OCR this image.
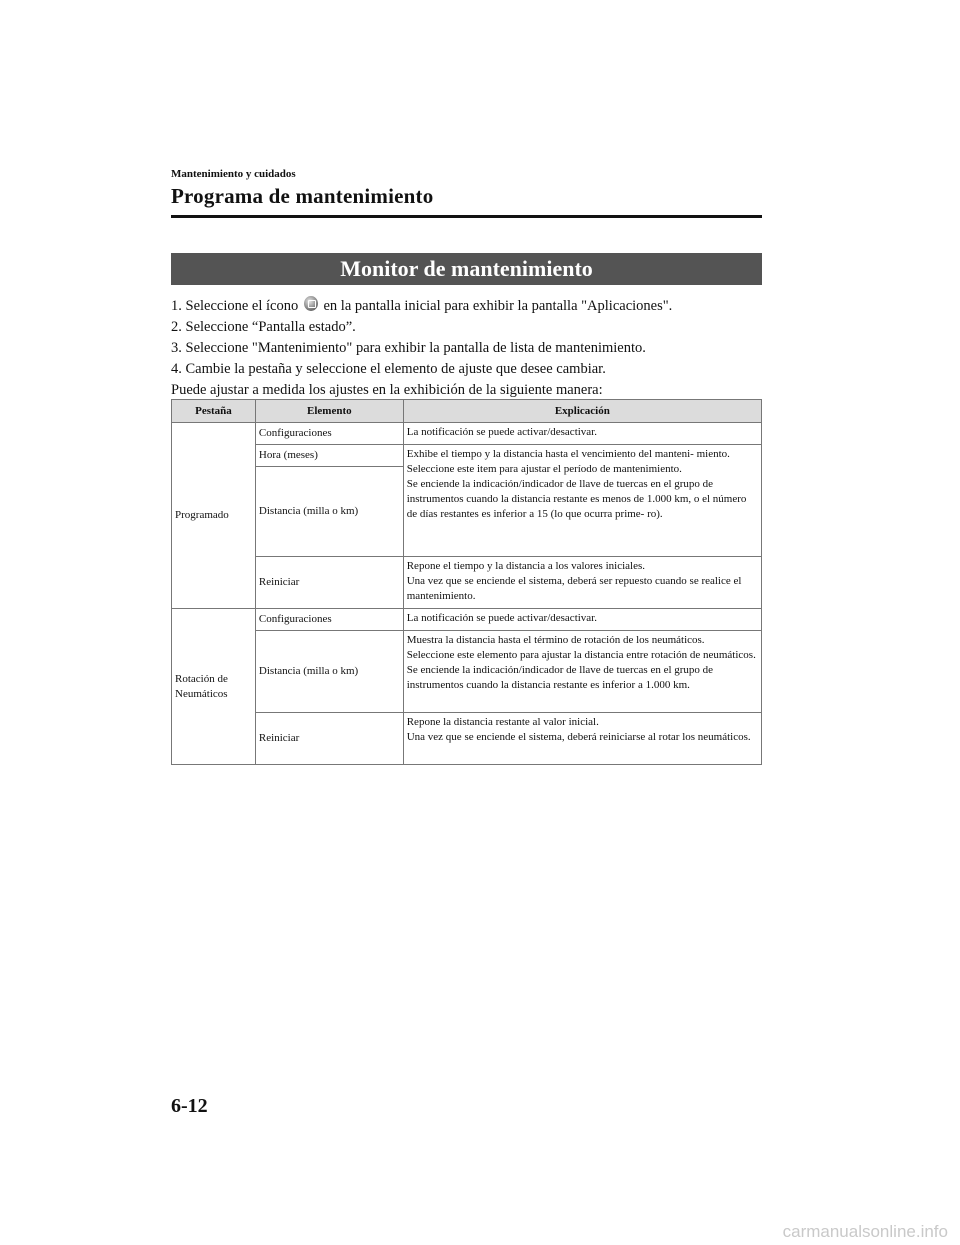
Mantenimiento y cuidados
Programa de mantenimiento
Monitor de mantenimiento
1. Seleccione el ícono  en la pantalla inicial para exhibir la pantalla "Aplicaciones".
2. Seleccione “Pantalla estado”.
3. Seleccione "Mantenimiento" para exhibir la pantalla de lista de mantenimiento.
4. Cambie la pestaña y seleccione el elemento de ajuste que desee cambiar.
Puede ajustar a medida los ajustes en la exhibición de la siguiente manera:
Pestaña	Elemento	Explicación
Programado	Configuraciones	La notificación se puede activar/desactivar.
	Hora (meses)	Exhibe el tiempo y la distancia hasta el vencimiento del manteni- miento.
Seleccione este item para ajustar el período de mantenimiento.
Se enciende la indicación/indicador de llave de tuercas en el grupo de instrumentos cuando la distancia restante es menos de 1.000 km, o el número de días restantes es inferior a 15 (lo que ocurra prime- ro).
	Distancia (milla o km)	
	Reiniciar	Repone el tiempo y la distancia a los valores iniciales.
Una vez que se enciende el sistema, deberá ser repuesto cuando se realice el mantenimiento.
Rotación de
Neumáticos	Configuraciones	La notificación se puede activar/desactivar.
	Distancia (milla o km)	Muestra la distancia hasta el término de rotación de los neumáticos.
Seleccione este elemento para ajustar la distancia entre rotación de neumáticos.
Se enciende la indicación/indicador de llave de tuercas en el grupo de instrumentos cuando la distancia restante es inferior a 1.000 km.
	Reiniciar	Repone la distancia restante al valor inicial.
Una vez que se enciende el sistema, deberá reiniciarse al rotar los neumáticos.
6-12
carmanualsonline.info
